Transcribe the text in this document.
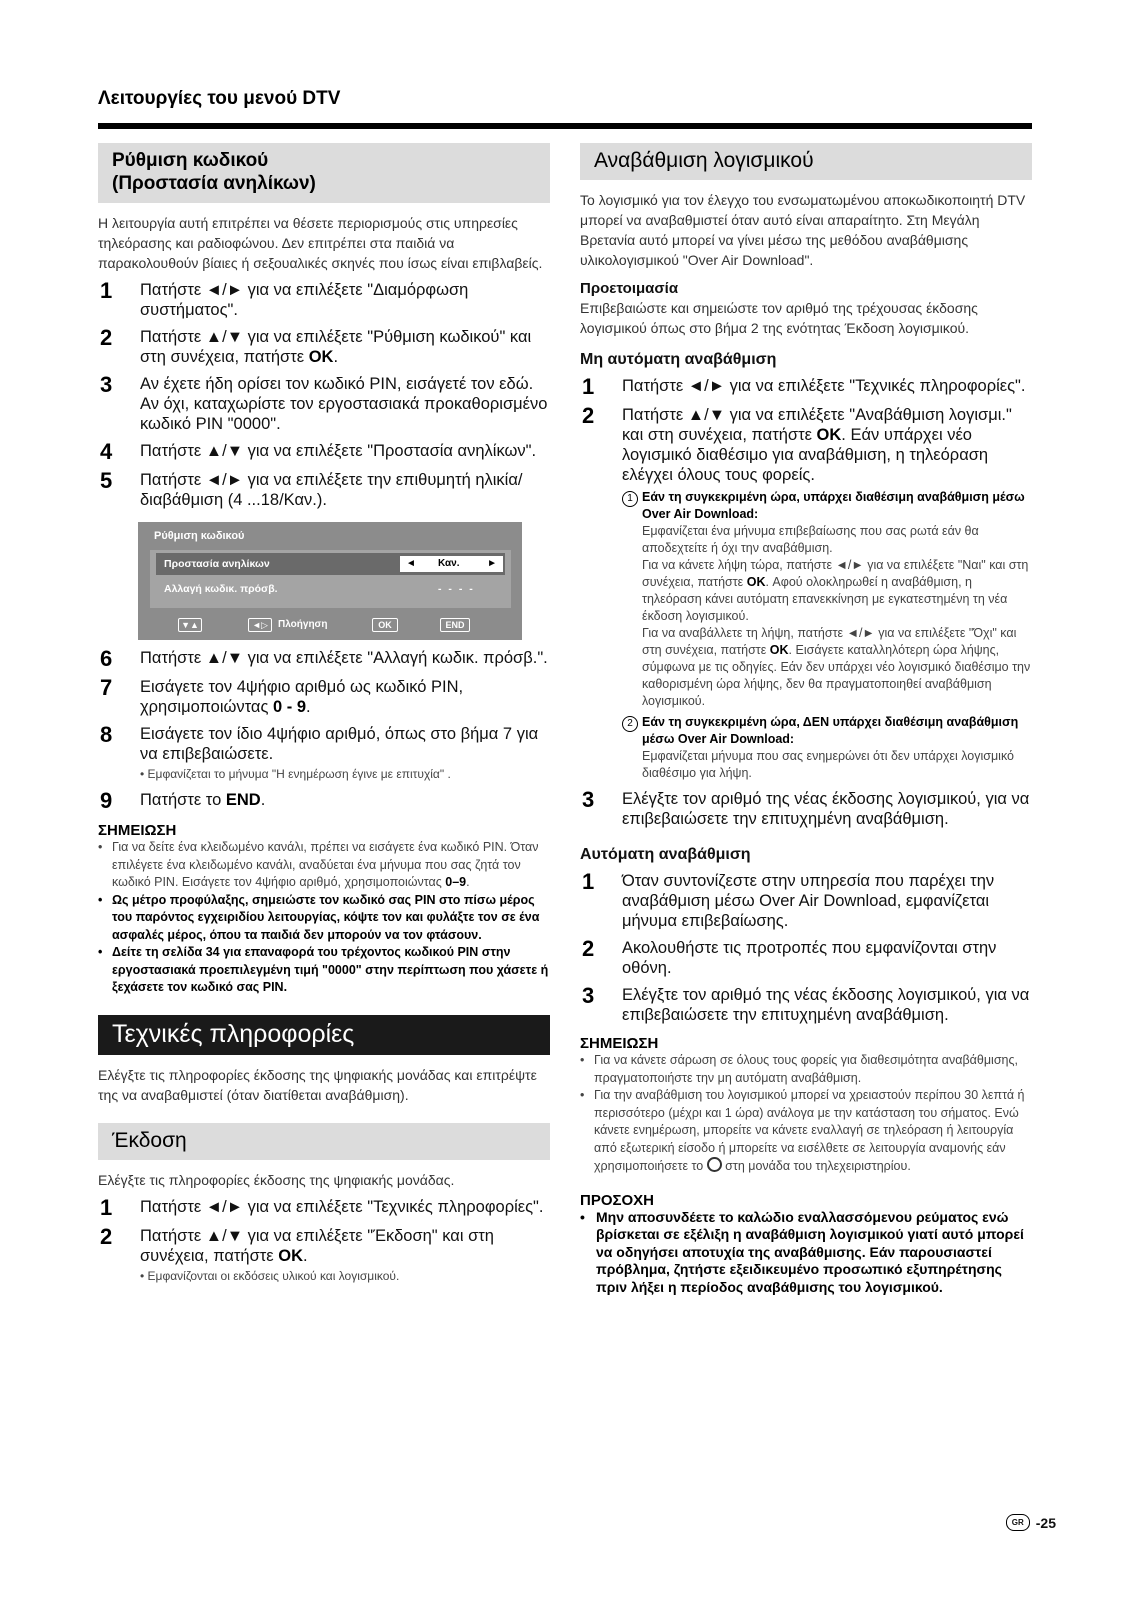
Λειτουργίες του μενού DTV
Ρύθμιση κωδικού
(Προστασία ανηλίκων)
Η λειτουργία αυτή επιτρέπει να θέσετε περιορισμούς στις υπηρεσίες τηλεόρασης και ραδιοφώνου. Δεν επιτρέπει στα παιδιά να παρακολουθούν βίαιες ή σεξουαλικές σκηνές που ίσως είναι επιβλαβείς.
1	Πατήστε ◄/► για να επιλέξετε "Διαμόρφωση συστήματος".
2	Πατήστε ▲/▼ για να επιλέξετε "Ρύθμιση κωδικού" και στη συνέχεια, πατήστε OK.
3	Αν έχετε ήδη ορίσει τον κωδικό PIN, εισάγετέ τον εδώ. Αν όχι, καταχωρίστε τον εργοστασιακά προκαθορισμένο κωδικό PIN "0000".
4	Πατήστε ▲/▼ για να επιλέξετε "Προστασία ανηλίκων".
5	Πατήστε ◄/► για να επιλέξετε την επιθυμητή ηλικία/διαβάθμιση (4 ...18/Καν.).
Ρύθμιση κωδικού
Προστασία ανηλίκων	◄ Καν.	►
Αλλαγή κωδικ. πρόσβ.	- - - -
▼▲	◄▷	Πλοήγηση	OK	END
6	Πατήστε ▲/▼ για να επιλέξετε "Αλλαγή κωδικ. πρόσβ.".
7	Εισάγετε τον 4ψήφιο αριθμό ως κωδικό PIN, χρησιμοποιώντας 0 - 9.
8	Εισάγετε τον ίδιο 4ψήφιο αριθμό, όπως στο βήμα 7 για να επιβεβαιώσετε.
• Εμφανίζεται το μήνυμα "Η ενημέρωση έγινε με επιτυχία" .
9	Πατήστε το END.
ΣΗΜΕΙΩΣΗ
• Για να δείτε ένα κλειδωμένο κανάλι, πρέπει να εισάγετε ένα κωδικό PIN. Όταν επιλέγετε ένα κλειδωμένο κανάλι, αναδύεται ένα μήνυμα που σας ζητά τον κωδικό PIN. Εισάγετε τον 4ψήφιο αριθμό, χρησιμοποιώντας 0–9.
• Ως μέτρο προφύλαξης, σημειώστε τον κωδικό σας PIN στο πίσω μέρος του παρόντος εγχειριδίου λειτουργίας, κόψτε τον και φυλάξτε τον σε ένα ασφαλές μέρος, όπου τα παιδιά δεν μπορούν να τον φτάσουν.
• Δείτε τη σελίδα 34 για επαναφορά του τρέχοντος κωδικού PIN στην εργοστασιακά προεπιλεγμένη τιμή "0000" στην περίπτωση που χάσετε ή ξεχάσετε τον κωδικό σας PIN.
Τεχνικές πληροφορίες
Ελέγξτε τις πληροφορίες έκδοσης της ψηφιακής μονάδας και επιτρέψτε της να αναβαθμιστεί (όταν διατίθεται αναβάθμιση).
Έκδοση
Ελέγξτε τις πληροφορίες έκδοσης της ψηφιακής μονάδας.
1	Πατήστε ◄/► για να επιλέξετε "Τεχνικές πληροφορίες".
2	Πατήστε ▲/▼ για να επιλέξετε "Έκδοση" και στη συνέχεια, πατήστε OK.
• Εμφανίζονται οι εκδόσεις υλικού και λογισμικού.
Αναβάθμιση λογισμικού
Το λογισμικό για τον έλεγχο του ενσωματωμένου αποκωδικοποιητή DTV μπορεί να αναβαθμιστεί όταν αυτό είναι απαραίτητο. Στη Μεγάλη Βρετανία αυτό μπορεί να γίνει μέσω της μεθόδου αναβάθμισης υλικολογισμικού "Over Air Download".
Προετοιμασία
Επιβεβαιώστε και σημειώστε τον αριθμό της τρέχουσας έκδοσης λογισμικού όπως στο βήμα 2 της ενότητας Έκδοση λογισμικού.
Μη αυτόματη αναβάθμιση
1	Πατήστε ◄/► για να επιλέξετε "Τεχνικές πληροφορίες".
2	Πατήστε ▲/▼ για να επιλέξετε "Αναβάθμιση λογισμι." και στη συνέχεια, πατήστε OK. Εάν υπάρχει νέο λογισμικό διαθέσιμο για αναβάθμιση, η τηλεόραση ελέγχει όλους τους φορείς.
1 Εάν τη συγκεκριμένη ώρα, υπάρχει διαθέσιμη αναβάθμιση μέσω Over Air Download:

Εμφανίζεται ένα μήνυμα επιβεβαίωσης που σας ρωτά εάν θα αποδεχτείτε ή όχι την αναβάθμιση.

Για να κάνετε λήψη τώρα, πατήστε ◄/► για να επιλέξετε "Ναι" και στη συνέχεια, πατήστε OK. Αφού ολοκληρωθεί η αναβάθμιση, η τηλεόραση κάνει αυτόματη επανεκκίνηση με εγκατεστημένη τη νέα έκδοση λογισμικού.

Για να αναβάλλετε τη λήψη, πατήστε ◄/► για να επιλέξετε "Όχι" και στη συνέχεια, πατήστε OK. Εισάγετε καταλληλότερη ώρα λήψης, σύμφωνα με τις οδηγίες. Εάν δεν υπάρχει νέο λογισμικό διαθέσιμο την καθορισμένη ώρα λήψης, δεν θα πραγματοποιηθεί αναβάθμιση λογισμικού.

2 Εάν τη συγκεκριμένη ώρα, ΔΕΝ υπάρχει διαθέσιμη αναβάθμιση μέσω Over Air Download:

Εμφανίζεται μήνυμα που σας ενημερώνει ότι δεν υπάρχει λογισμικό διαθέσιμο για λήψη.

3	Ελέγξτε τον αριθμό της νέας έκδοσης λογισμικού, για να επιβεβαιώσετε την επιτυχημένη αναβάθμιση.
Αυτόματη αναβάθμιση
1	Όταν συντονίζεστε στην υπηρεσία που παρέχει την αναβάθμιση μέσω Over Air Download, εμφανίζεται μήνυμα επιβεβαίωσης.
2	Ακολουθήστε τις προτροπές που εμφανίζονται στην οθόνη.
3	Ελέγξτε τον αριθμό της νέας έκδοσης λογισμικού, για να επιβεβαιώσετε την επιτυχημένη αναβάθμιση.
ΣΗΜΕΙΩΣΗ
• Για να κάνετε σάρωση σε όλους τους φορείς για διαθεσιμότητα αναβάθμισης, πραγματοποιήστε την μη αυτόματη αναβάθμιση.
• Για την αναβάθμιση του λογισμικού μπορεί να χρειαστούν περίπου 30 λεπτά ή περισσότερο (μέχρι και 1 ώρα) ανάλογα με την κατάσταση του σήματος. Ενώ κάνετε ενημέρωση, μπορείτε να κάνετε εναλλαγή σε τηλεόραση ή λειτουργία από εξωτερική είσοδο ή μπορείτε να εισέλθετε σε λειτουργία αναμονής εάν χρησιμοποιήσετε το  στη μονάδα του τηλεχειριστηρίου.
ΠΡΟΣΟΧΗ
• Μην αποσυνδέετε το καλώδιο εναλλασσόμενου ρεύματος ενώ βρίσκεται σε εξέλιξη η αναβάθμιση λογισμικού γιατί αυτό μπορεί να οδηγήσει αποτυχία της αναβάθμισης. Εάν παρουσιαστεί πρόβλημα, ζητήστε εξειδικευμένο προσωπικό εξυπηρέτησης πριν λήξει η περίοδος αναβάθμισης του λογισμικού.
GR -25
